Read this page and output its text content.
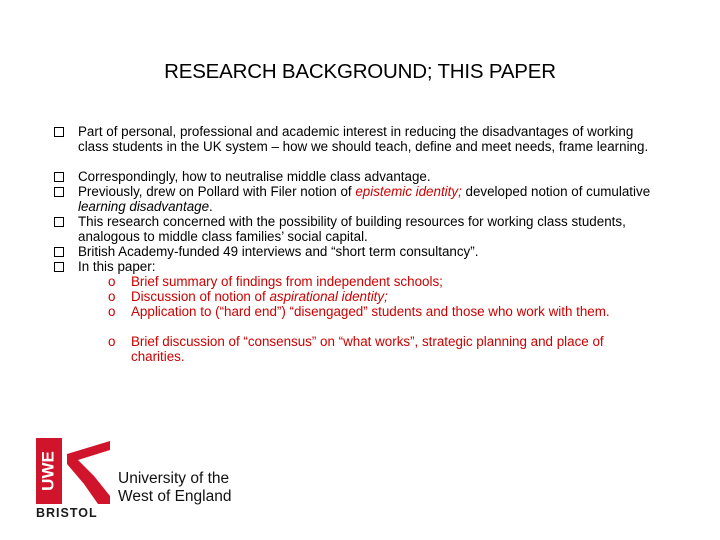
RESEARCH BACKGROUND; THIS PAPER
Part of personal, professional and academic interest in reducing the disadvantages of working class students in the UK system – how we should teach, define and meet needs, frame learning.
Correspondingly, how to neutralise middle class advantage.
Previously, drew on Pollard with Filer notion of epistemic identity; developed notion of cumulative learning disadvantage.
This research concerned with the possibility of building resources for working class students, analogous to middle class families’ social capital.
British Academy-funded 49 interviews and “short term consultancy”.
In this paper:
o Brief summary of findings from independent schools;
o Discussion of notion of aspirational identity;
o Application to (“hard end”) “disengaged” students and those who work with them.
o Brief discussion of “consensus” on “what works”, strategic planning and place of charities.
UWE
BRISTOL
University of the
West of England
